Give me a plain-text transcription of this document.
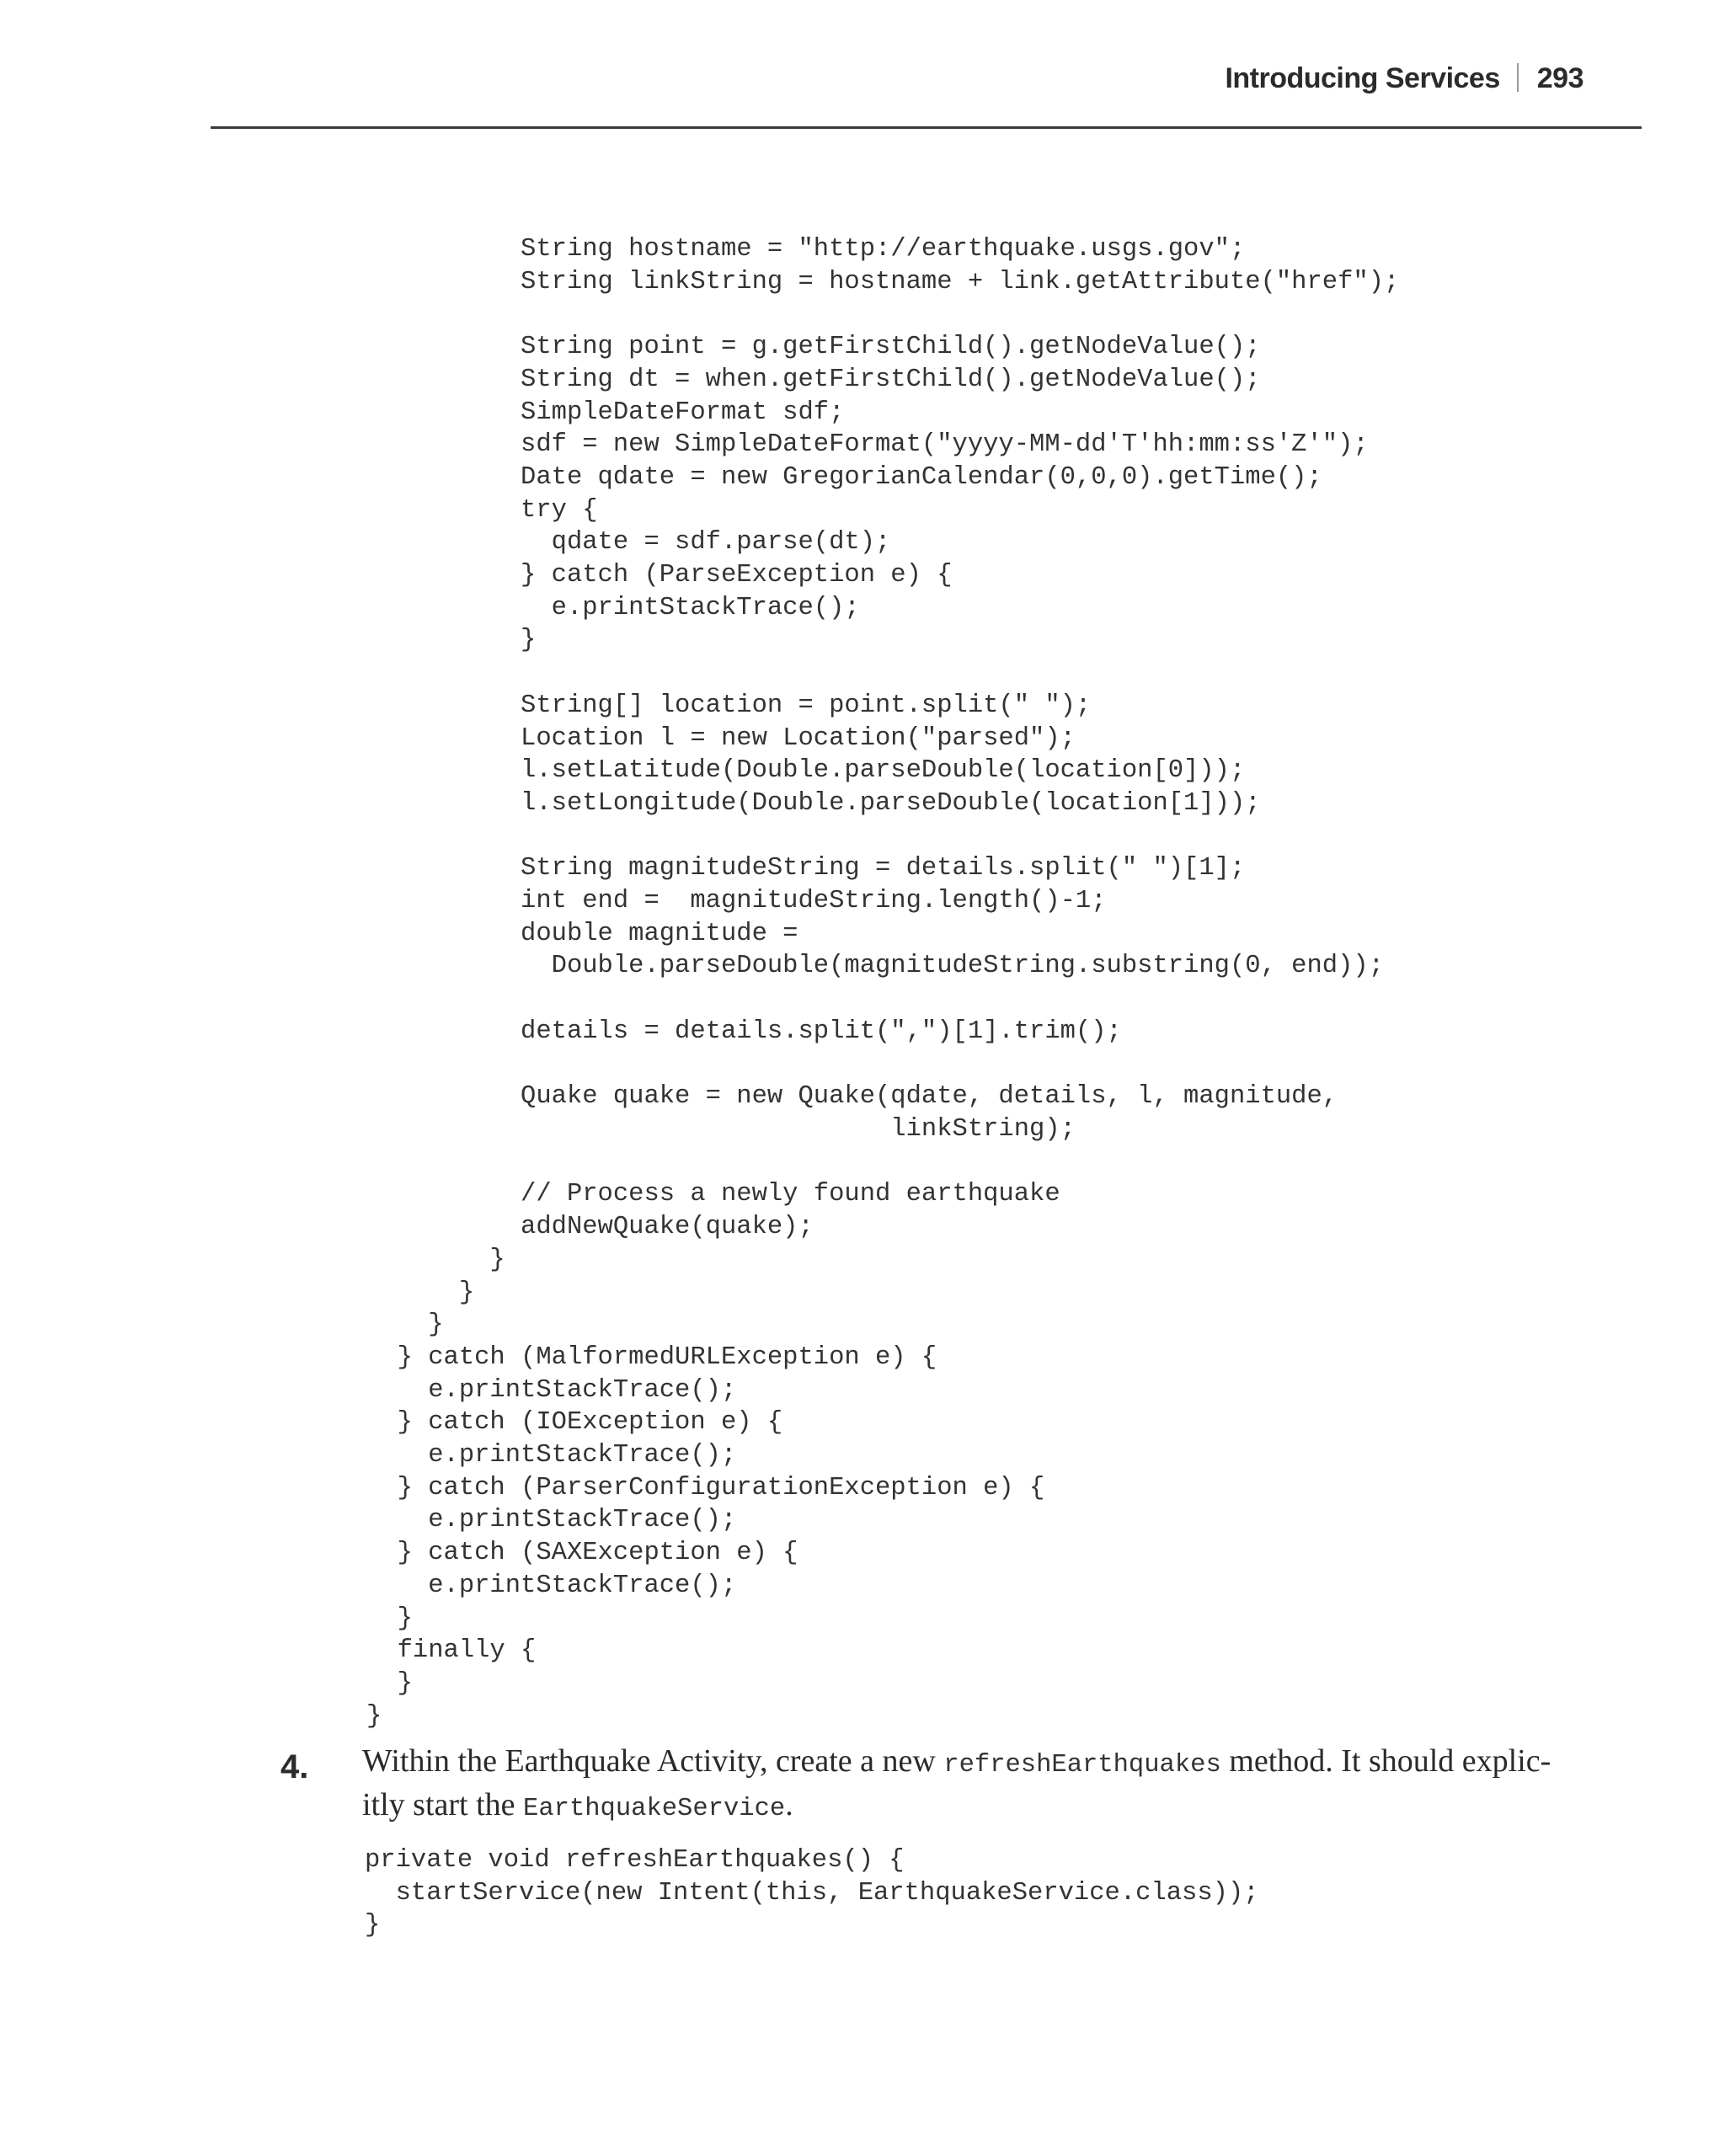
Introducing Services 293
String hostname = "http://earthquake.usgs.gov";
String linkString = hostname + link.getAttribute("href");

String point = g.getFirstChild().getNodeValue();
String dt = when.getFirstChild().getNodeValue();
SimpleDateFormat sdf;
sdf = new SimpleDateFormat("yyyy-MM-dd'T'hh:mm:ss'Z'");
Date qdate = new GregorianCalendar(0,0,0).getTime();
try {
qdate = sdf.parse(dt);
} catch (ParseException e) {
e.printStackTrace();
}

String[] location = point.split(" ");
Location l = new Location("parsed");
l.setLatitude(Double.parseDouble(location[0]));
l.setLongitude(Double.parseDouble(location[1]));

String magnitudeString = details.split(" ")[1];
int end =  magnitudeString.length()-1;
double magnitude =
Double.parseDouble(magnitudeString.substring(0, end));

details = details.split(",")[1].trim();

Quake quake = new Quake(qdate, details, l, magnitude,
linkString);

// Process a newly found earthquake
addNewQuake(quake);
}
}
}
} catch (MalformedURLException e) {
e.printStackTrace();
} catch (IOException e) {
e.printStackTrace();
} catch (ParserConfigurationException e) {
e.printStackTrace();
} catch (SAXException e) {
e.printStackTrace();
}
finally {
}
}
4. Within the Earthquake Activity, create a new refreshEarthquakes method. It should explic-itly start the EarthquakeService.
private void refreshEarthquakes() {
startService(new Intent(this, EarthquakeService.class));
}
